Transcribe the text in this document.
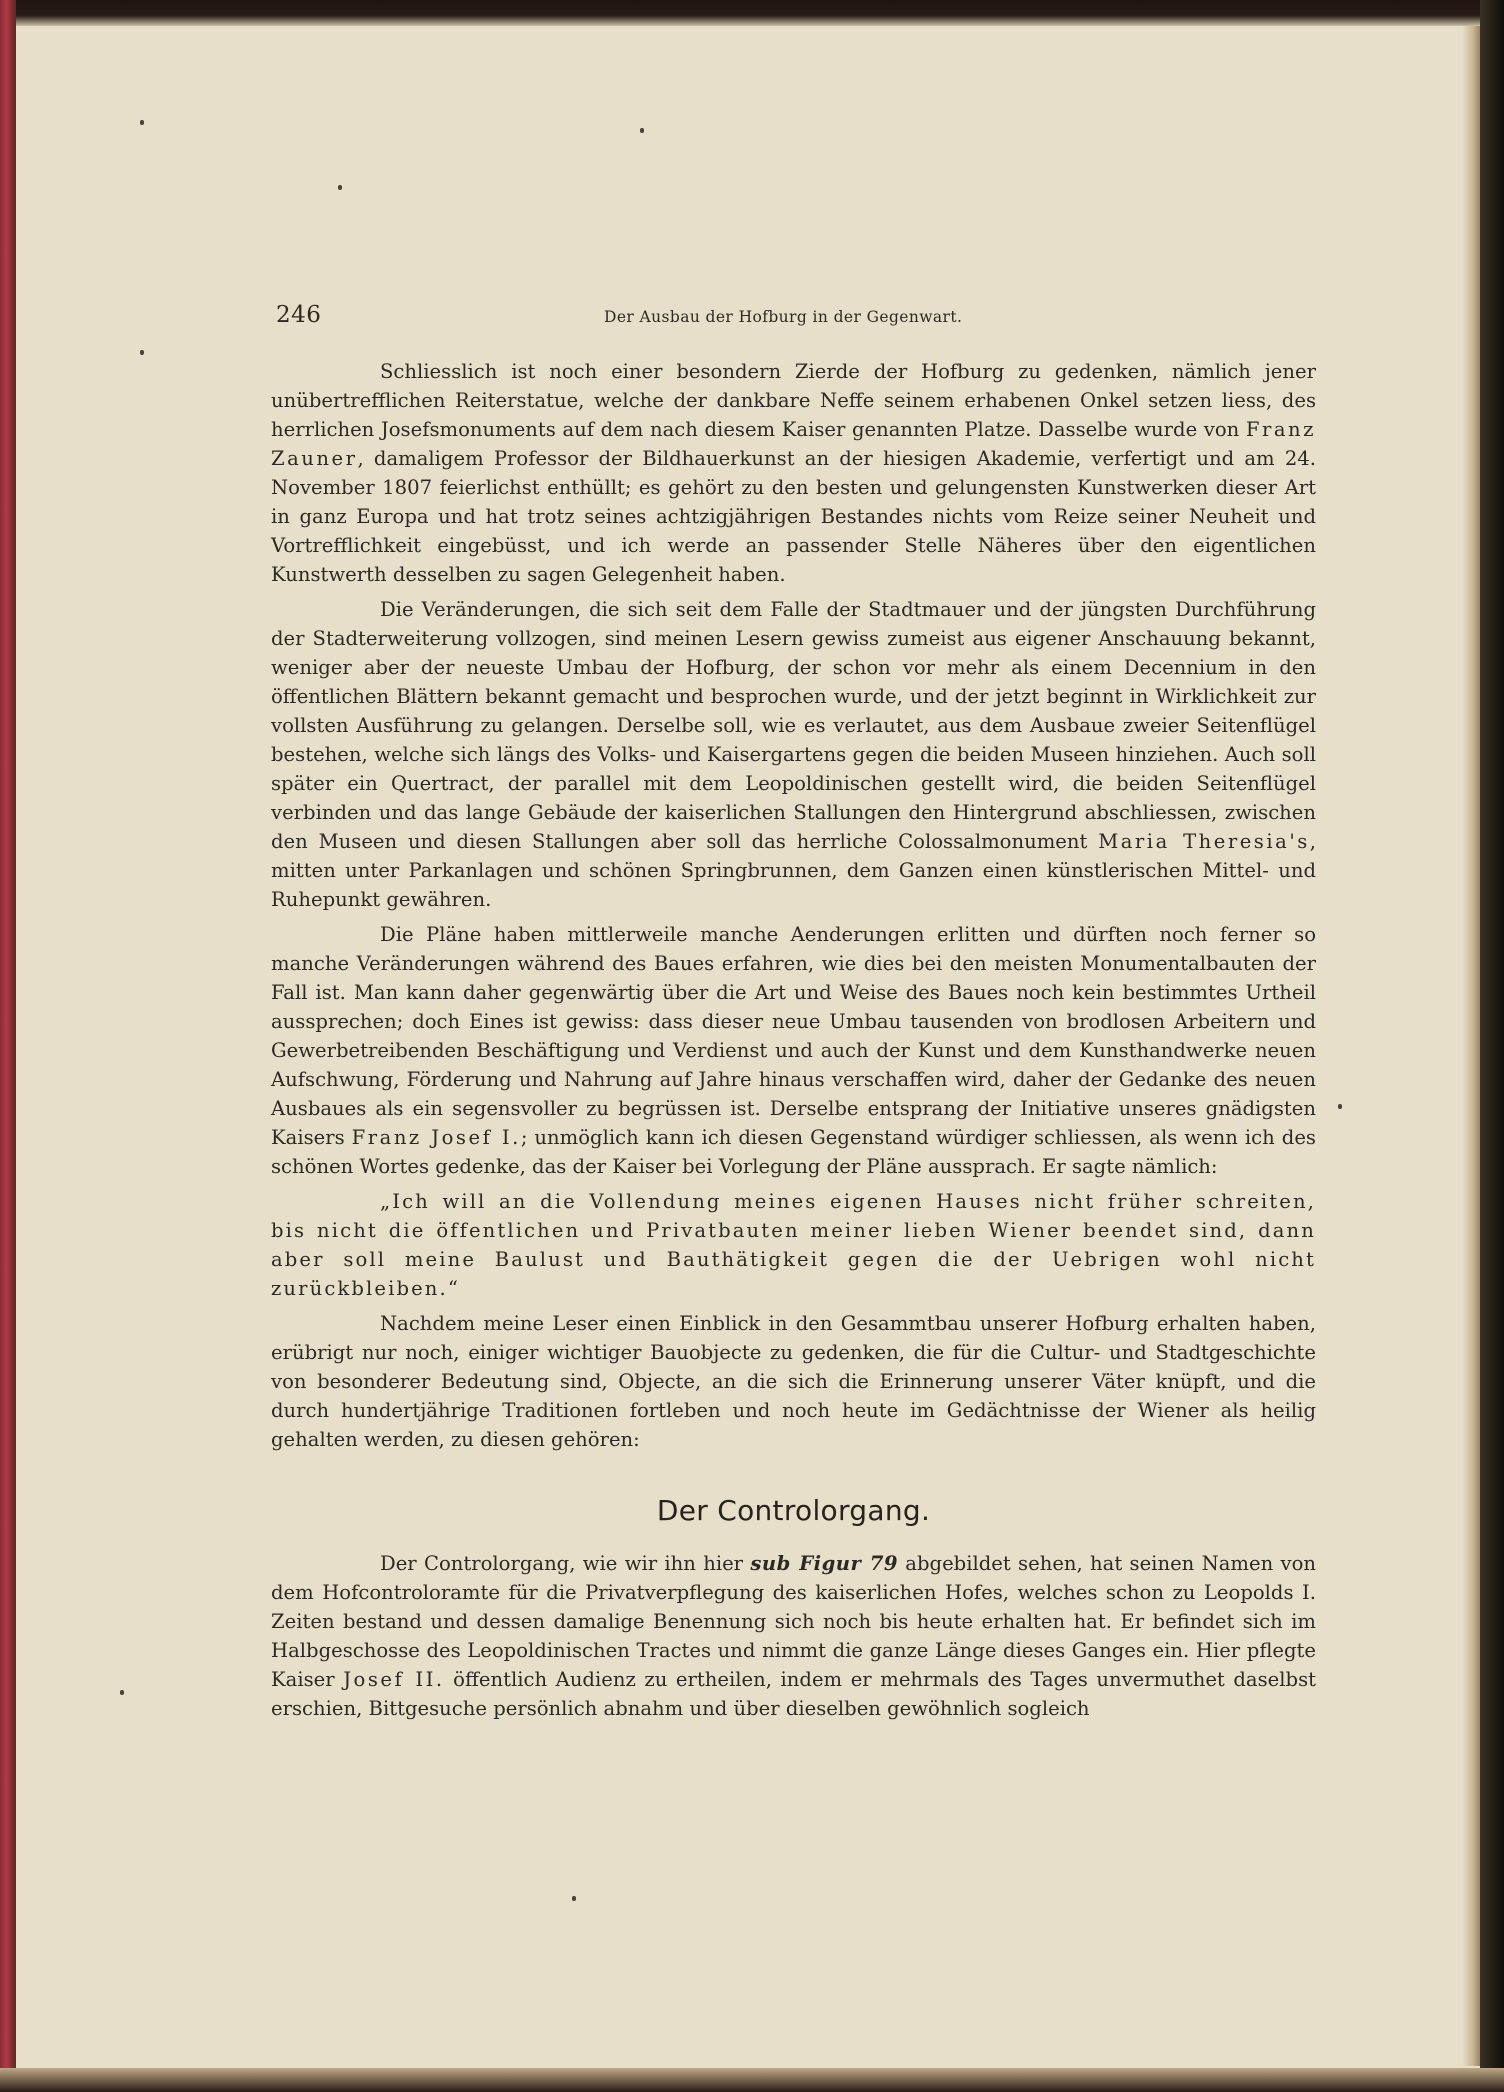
246	Der Ausbau der Hofburg in der Gegenwart.

Schliesslich ist noch einer besondern Zierde der Hofburg zu gedenken, nämlich jener unübertrefflichen Reiterstatue, welche der dankbare Neffe seinem erhabenen Onkel setzen liess, des herrlichen Josefsmonuments auf dem nach diesem Kaiser genannten Platze. Dasselbe wurde von Franz Zauner, damaligem Professor der Bildhauerkunst an der hiesigen Akademie, verfertigt und am 24. November 1807 feierlichst enthüllt; es gehört zu den besten und gelungensten Kunstwerken dieser Art in ganz Europa und hat trotz seines achtzigjährigen Bestandes nichts vom Reize seiner Neuheit und Vortrefflichkeit eingebüsst, und ich werde an passender Stelle Näheres über den eigentlichen Kunstwerth desselben zu sagen Gelegenheit haben.

Die Veränderungen, die sich seit dem Falle der Stadtmauer und der jüngsten Durchführung der Stadterweiterung vollzogen, sind meinen Lesern gewiss zumeist aus eigener Anschauung bekannt, weniger aber der neueste Umbau der Hofburg, der schon vor mehr als einem Decennium in den öffentlichen Blättern bekannt gemacht und besprochen wurde, und der jetzt beginnt in Wirklichkeit zur vollsten Ausführung zu gelangen. Derselbe soll, wie es verlautet, aus dem Ausbaue zweier Seitenflügel bestehen, welche sich längs des Volks- und Kaisergartens gegen die beiden Museen hinziehen. Auch soll später ein Quertract, der parallel mit dem Leopoldinischen gestellt wird, die beiden Seitenflügel verbinden und das lange Gebäude der kaiserlichen Stallungen den Hintergrund abschliessen, zwischen den Museen und diesen Stallungen aber soll das herrliche Colossalmonument Maria Theresia's, mitten unter Parkanlagen und schönen Springbrunnen, dem Ganzen einen künstlerischen Mittel- und Ruhepunkt gewähren.

Die Pläne haben mittlerweile manche Aenderungen erlitten und dürften noch ferner so manche Veränderungen während des Baues erfahren, wie dies bei den meisten Monumentalbauten der Fall ist. Man kann daher gegenwärtig über die Art und Weise des Baues noch kein bestimmtes Urtheil aussprechen; doch Eines ist gewiss: dass dieser neue Umbau tausenden von brodlosen Arbeitern und Gewerbetreibenden Beschäftigung und Verdienst und auch der Kunst und dem Kunsthandwerke neuen Aufschwung, Förderung und Nahrung auf Jahre hinaus verschaffen wird, daher der Gedanke des neuen Ausbaues als ein segensvoller zu begrüssen ist. Derselbe entsprang der Initiative unseres gnädigsten Kaisers Franz Josef I.; unmöglich kann ich diesen Gegenstand würdiger schliessen, als wenn ich des schönen Wortes gedenke, das der Kaiser bei Vorlegung der Pläne aussprach. Er sagte nämlich:

„Ich will an die Vollendung meines eigenen Hauses nicht früher schreiten, bis nicht die öffentlichen und Privatbauten meiner lieben Wiener beendet sind, dann aber soll meine Baulust und Bauthätigkeit gegen die der Uebrigen wohl nicht zurückbleiben.“

Nachdem meine Leser einen Einblick in den Gesammtbau unserer Hofburg erhalten haben, erübrigt nur noch, einiger wichtiger Bauobjecte zu gedenken, die für die Cultur- und Stadtgeschichte von besonderer Bedeutung sind, Objecte, an die sich die Erinnerung unserer Väter knüpft, und die durch hundertjährige Traditionen fortleben und noch heute im Gedächtnisse der Wiener als heilig gehalten werden, zu diesen gehören:

Der Controlorgang.

Der Controlorgang, wie wir ihn hier sub Figur 79 abgebildet sehen, hat seinen Namen von dem Hofcontroloramte für die Privatverpflegung des kaiserlichen Hofes, welches schon zu Leopolds I. Zeiten bestand und dessen damalige Benennung sich noch bis heute erhalten hat. Er befindet sich im Halbgeschosse des Leopoldinischen Tractes und nimmt die ganze Länge dieses Ganges ein. Hier pflegte Kaiser Josef II. öffentlich Audienz zu ertheilen, indem er mehrmals des Tages unvermuthet daselbst erschien, Bittgesuche persönlich abnahm und über dieselben gewöhnlich sogleich
